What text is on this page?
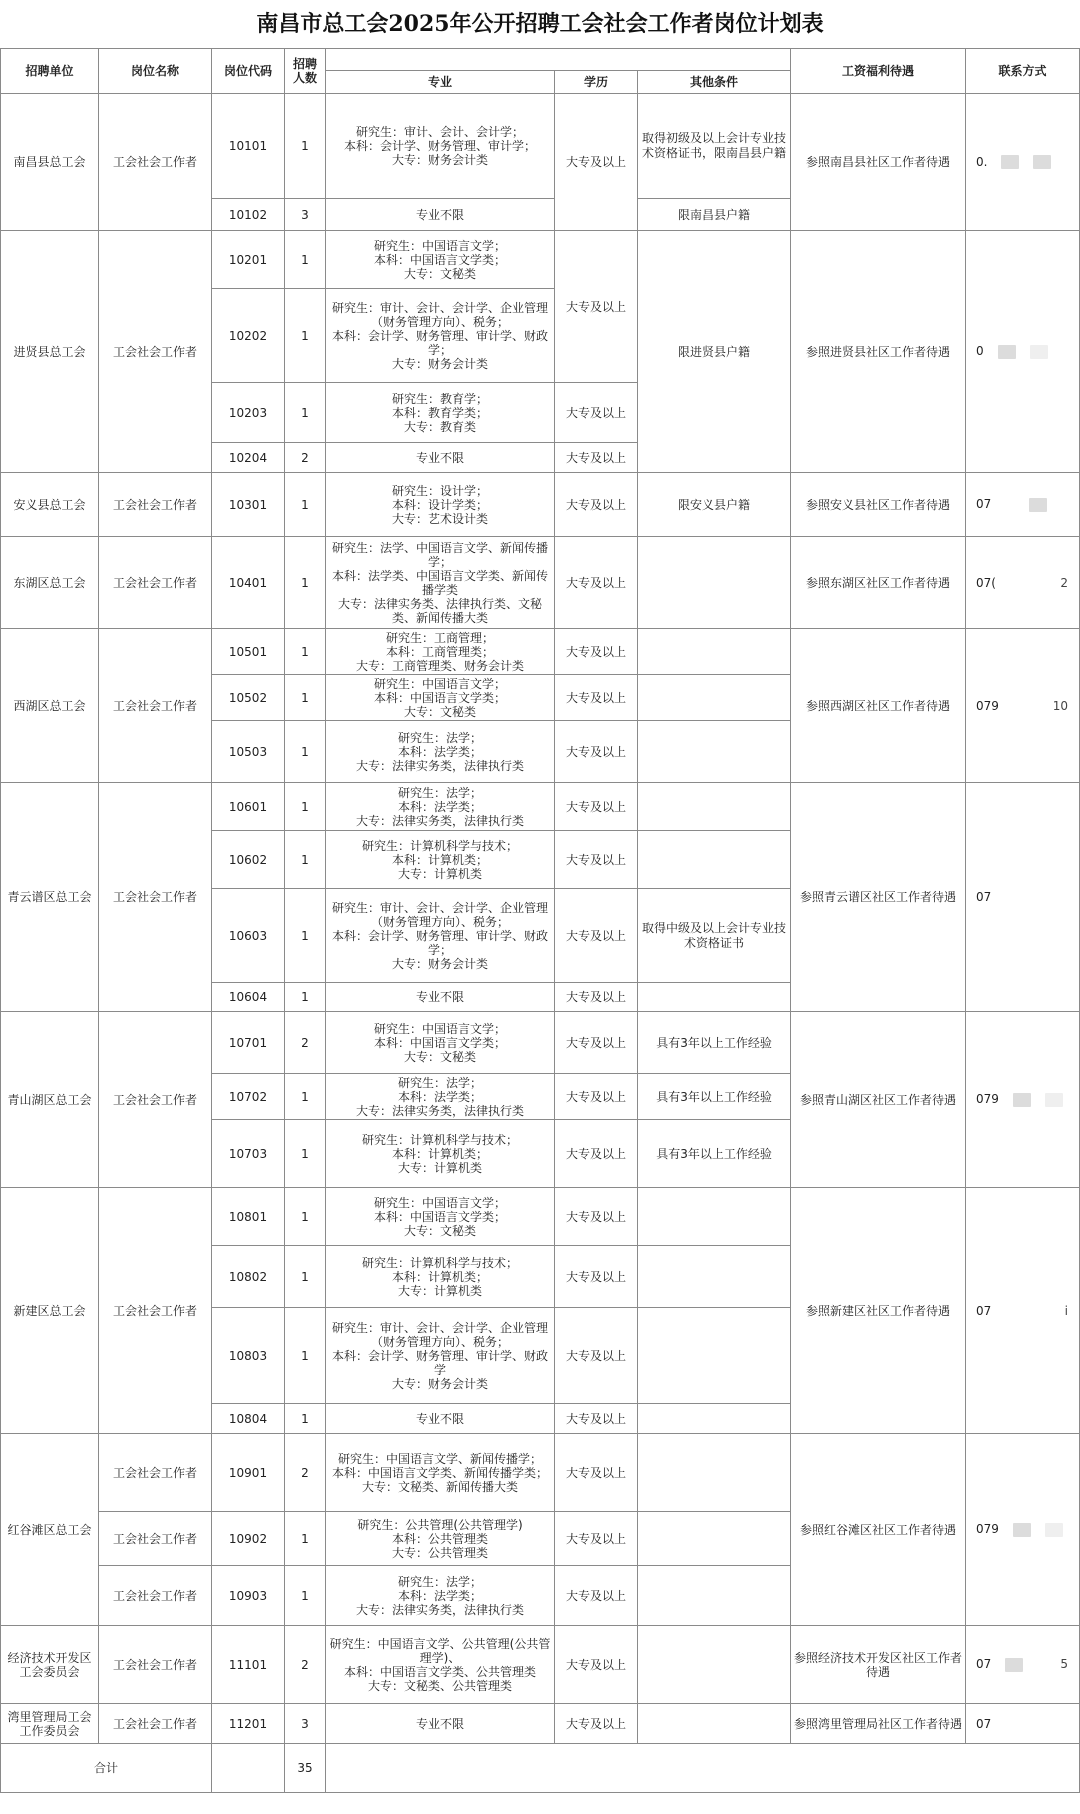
南昌市总工会2025年公开招聘工会社会工作者岗位计划表
招聘单位	岗位名称	岗位代码	招聘
人数				工资福利待遇	联系方式
				专业	学历	其他条件		
南昌县总工会	工会社会工作者	10101	1	研究生：审计、会计、会计学；
本科：会计学、财务管理、审计学；
大专：财务会计类	大专及以上	取得初级及以上会计专业技术资格证书，限南昌县户籍	参照南昌县社区工作者待遇	0.
		10102	3	专业不限		限南昌县户籍		
进贤县总工会	工会社会工作者	10201	1	研究生：中国语言文学；
本科：中国语言文学类；
大专：文秘类	大专及以上	限进贤县户籍	参照进贤县社区工作者待遇	0
		10202	1	研究生：审计、会计、会计学、企业管理（财务管理方向）、税务；
本科：会计学、财务管理、审计学、财政学；
大专：财务会计类				
		10203	1	研究生：教育学；
本科：教育学类；
大专：教育类	大专及以上			
		10204	2	专业不限	大专及以上			
安义县总工会	工会社会工作者	10301	1	研究生：设计学；
本科：设计学类；
大专：艺术设计类	大专及以上	限安义县户籍	参照安义县社区工作者待遇	07
东湖区总工会	工会社会工作者	10401	1	研究生：法学、中国语言文学、新闻传播学；
本科：法学类、中国语言文学类、新闻传播学类
大专：法律实务类、法律执行类、文秘类、新闻传播大类	大专及以上		参照东湖区社区工作者待遇	07( 2

西湖区总工会	工会社会工作者	10501	1	研究生：工商管理；
本科：工商管理类；
大专：工商管理类、财务会计类	大专及以上		参照西湖区社区工作者待遇	079 10

		10502	1	研究生：中国语言文学；
本科：中国语言文学类；
大专：文秘类	大专及以上			
		10503	1	研究生：法学；
本科：法学类；
大专：法律实务类，法律执行类	大专及以上			
青云谱区总工会	工会社会工作者	10601	1	研究生：法学；
本科：法学类；
大专：法律实务类，法律执行类	大专及以上		参照青云谱区社区工作者待遇	07
		10602	1	研究生：计算机科学与技术；
本科：计算机类；
大专：计算机类	大专及以上			
		10603	1	研究生：审计、会计、会计学、企业管理（财务管理方向）、税务；
本科：会计学、财务管理、审计学、财政学；
大专：财务会计类	大专及以上	取得中级及以上会计专业技术资格证书		
		10604	1	专业不限	大专及以上			
青山湖区总工会	工会社会工作者	10701	2	研究生：中国语言文学；
本科：中国语言文学类；
大专：文秘类	大专及以上	具有3年以上工作经验	参照青山湖区社区工作者待遇	079
		10702	1	研究生：法学；
本科：法学类；
大专：法律实务类，法律执行类	大专及以上	具有3年以上工作经验		
		10703	1	研究生：计算机科学与技术；
本科：计算机类；
大专：计算机类	大专及以上	具有3年以上工作经验		
新建区总工会	工会社会工作者	10801	1	研究生：中国语言文学；
本科：中国语言文学类；
大专：文秘类	大专及以上		参照新建区社区工作者待遇	07 i

		10802	1	研究生：计算机科学与技术；
本科：计算机类；
大专：计算机类	大专及以上			
		10803	1	研究生：审计、会计、会计学、企业管理（财务管理方向）、税务；
本科：会计学、财务管理、审计学、财政学
大专：财务会计类	大专及以上			
		10804	1	专业不限	大专及以上			
红谷滩区总工会	工会社会工作者	10901	2	研究生：中国语言文学、新闻传播学；
本科：中国语言文学类、新闻传播学类；
大专：文秘类、新闻传播大类	大专及以上		参照红谷滩区社区工作者待遇	079
	工会社会工作者	10902	1	研究生：公共管理(公共管理学)
本科：公共管理类
大专：公共管理类	大专及以上			
	工会社会工作者	10903	1	研究生：法学；
本科：法学类；
大专：法律实务类，法律执行类	大专及以上			
经济技术开发区工会委员会	工会社会工作者	11101	2	研究生：中国语言文学、公共管理(公共管理学)、
本科：中国语言文学类、公共管理类
大专：文秘类、公共管理类	大专及以上		参照经济技术开发区社区工作者待遇	07 5

湾里管理局工会工作委员会	工会社会工作者	11201	3	专业不限	大专及以上		参照湾里管理局社区工作者待遇	07
合计			35					
